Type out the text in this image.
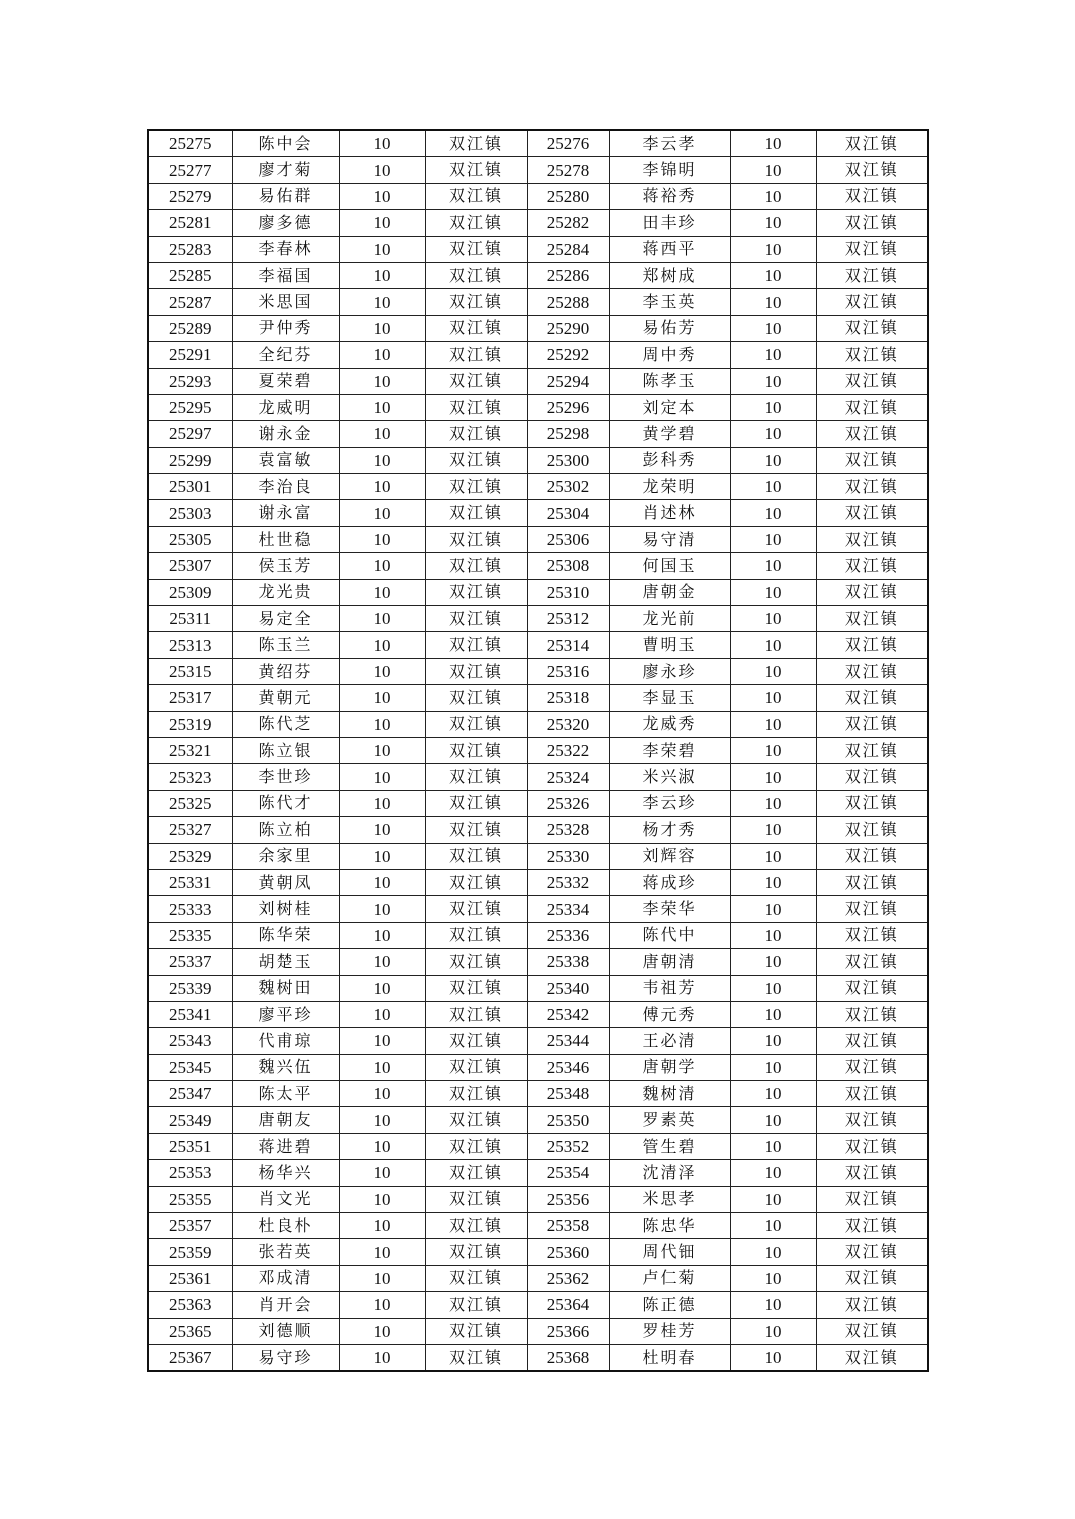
25275	陈中会	10	双江镇	25276	李云孝	10	双江镇
25277	廖才菊	10	双江镇	25278	李锦明	10	双江镇
25279	易佑群	10	双江镇	25280	蒋裕秀	10	双江镇
25281	廖多德	10	双江镇	25282	田丰珍	10	双江镇
25283	李春林	10	双江镇	25284	蒋西平	10	双江镇
25285	李福国	10	双江镇	25286	郑树成	10	双江镇
25287	米思国	10	双江镇	25288	李玉英	10	双江镇
25289	尹仲秀	10	双江镇	25290	易佑芳	10	双江镇
25291	全纪芬	10	双江镇	25292	周中秀	10	双江镇
25293	夏荣碧	10	双江镇	25294	陈孝玉	10	双江镇
25295	龙威明	10	双江镇	25296	刘定本	10	双江镇
25297	谢永金	10	双江镇	25298	黄学碧	10	双江镇
25299	袁富敏	10	双江镇	25300	彭科秀	10	双江镇
25301	李治良	10	双江镇	25302	龙荣明	10	双江镇
25303	谢永富	10	双江镇	25304	肖述林	10	双江镇
25305	杜世稳	10	双江镇	25306	易守清	10	双江镇
25307	侯玉芳	10	双江镇	25308	何国玉	10	双江镇
25309	龙光贵	10	双江镇	25310	唐朝金	10	双江镇
25311	易定全	10	双江镇	25312	龙光前	10	双江镇
25313	陈玉兰	10	双江镇	25314	曹明玉	10	双江镇
25315	黄绍芬	10	双江镇	25316	廖永珍	10	双江镇
25317	黄朝元	10	双江镇	25318	李显玉	10	双江镇
25319	陈代芝	10	双江镇	25320	龙威秀	10	双江镇
25321	陈立银	10	双江镇	25322	李荣碧	10	双江镇
25323	李世珍	10	双江镇	25324	米兴淑	10	双江镇
25325	陈代才	10	双江镇	25326	李云珍	10	双江镇
25327	陈立柏	10	双江镇	25328	杨才秀	10	双江镇
25329	余家里	10	双江镇	25330	刘辉容	10	双江镇
25331	黄朝凤	10	双江镇	25332	蒋成珍	10	双江镇
25333	刘树桂	10	双江镇	25334	李荣华	10	双江镇
25335	陈华荣	10	双江镇	25336	陈代中	10	双江镇
25337	胡楚玉	10	双江镇	25338	唐朝清	10	双江镇
25339	魏树田	10	双江镇	25340	韦祖芳	10	双江镇
25341	廖平珍	10	双江镇	25342	傅元秀	10	双江镇
25343	代甫琼	10	双江镇	25344	王必清	10	双江镇
25345	魏兴伍	10	双江镇	25346	唐朝学	10	双江镇
25347	陈太平	10	双江镇	25348	魏树清	10	双江镇
25349	唐朝友	10	双江镇	25350	罗素英	10	双江镇
25351	蒋进碧	10	双江镇	25352	管生碧	10	双江镇
25353	杨华兴	10	双江镇	25354	沈清泽	10	双江镇
25355	肖文光	10	双江镇	25356	米思孝	10	双江镇
25357	杜良朴	10	双江镇	25358	陈忠华	10	双江镇
25359	张若英	10	双江镇	25360	周代钿	10	双江镇
25361	邓成清	10	双江镇	25362	卢仁菊	10	双江镇
25363	肖开会	10	双江镇	25364	陈正德	10	双江镇
25365	刘德顺	10	双江镇	25366	罗桂芳	10	双江镇
25367	易守珍	10	双江镇	25368	杜明春	10	双江镇
